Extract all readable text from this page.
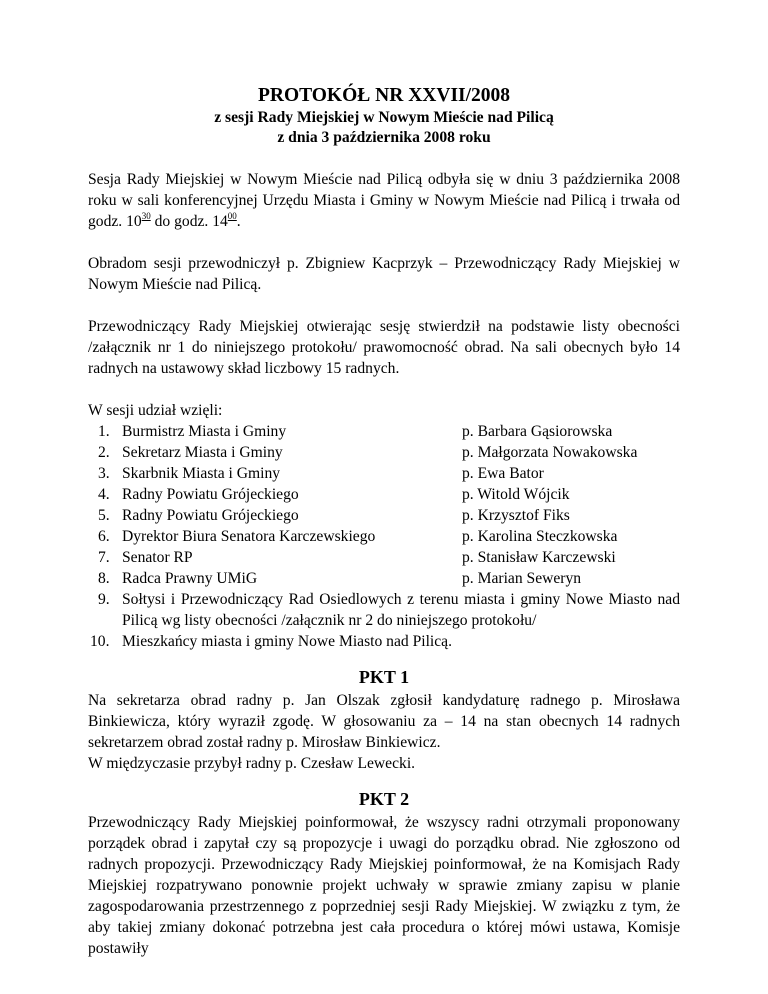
PROTOKÓŁ NR XXVII/2008
z sesji Rady Miejskiej w Nowym Mieście nad Pilicą
z dnia 3 października 2008 roku

Sesja Rady Miejskiej w Nowym Mieście nad Pilicą odbyła się w dniu 3 października 2008 roku w sali konferencyjnej Urzędu Miasta i Gminy w Nowym Mieście nad Pilicą i trwała od godz. $10^{30}$ do godz. $14^{00}$.

Obradom sesji przewodniczył p. Zbigniew Kacprzyk – Przewodniczący Rady Miejskiej w Nowym Mieście nad Pilicą.

Przewodniczący Rady Miejskiej otwierając sesję stwierdził na podstawie listy obecności /załącznik nr 1 do niniejszego protokołu/ prawomocność obrad. Na sali obecnych było 14 radnych na ustawowy skład liczbowy 15 radnych.

W sesji udział wzięli:

1. Burmistrz Miasta i Gminy	p. Barbara Gąsiorowska
2. Sekretarz Miasta i Gminy	p. Małgorzata Nowakowska
3. Skarbnik Miasta i Gminy	p. Ewa Bator
4. Radny Powiatu Grójeckiego	p. Witold Wójcik
5. Radny Powiatu Grójeckiego	p. Krzysztof Fiks
6. Dyrektor Biura Senatora Karczewskiego	p. Karolina Steczkowska
7. Senator RP	p. Stanisław Karczewski
8. Radca Prawny UMiG	p. Marian Seweryn
9. Sołtysi i Przewodniczący Rad Osiedlowych z terenu miasta i gminy Nowe Miasto nad Pilicą wg listy obecności /załącznik nr 2 do niniejszego protokołu/
10. Mieszkańcy miasta i gminy Nowe Miasto nad Pilicą.
PKT 1

Na sekretarza obrad radny p. Jan Olszak zgłosił kandydaturę radnego p. Mirosława Binkiewicza, który wyraził zgodę. W głosowaniu za – 14 na stan obecnych 14 radnych sekretarzem obrad został radny p. Mirosław Binkiewicz.

W międzyczasie przybył radny p. Czesław Lewecki.

PKT 2

Przewodniczący Rady Miejskiej poinformował, że wszyscy radni otrzymali proponowany porządek obrad i zapytał czy są propozycje i uwagi do porządku obrad. Nie zgłoszono od radnych propozycji. Przewodniczący Rady Miejskiej poinformował, że na Komisjach Rady Miejskiej rozpatrywano ponownie projekt uchwały w sprawie zmiany zapisu w planie zagospodarowania przestrzennego z poprzedniej sesji Rady Miejskiej. W związku z tym, że aby takiej zmiany dokonać potrzebna jest cała procedura o której mówi ustawa, Komisje postawiły
